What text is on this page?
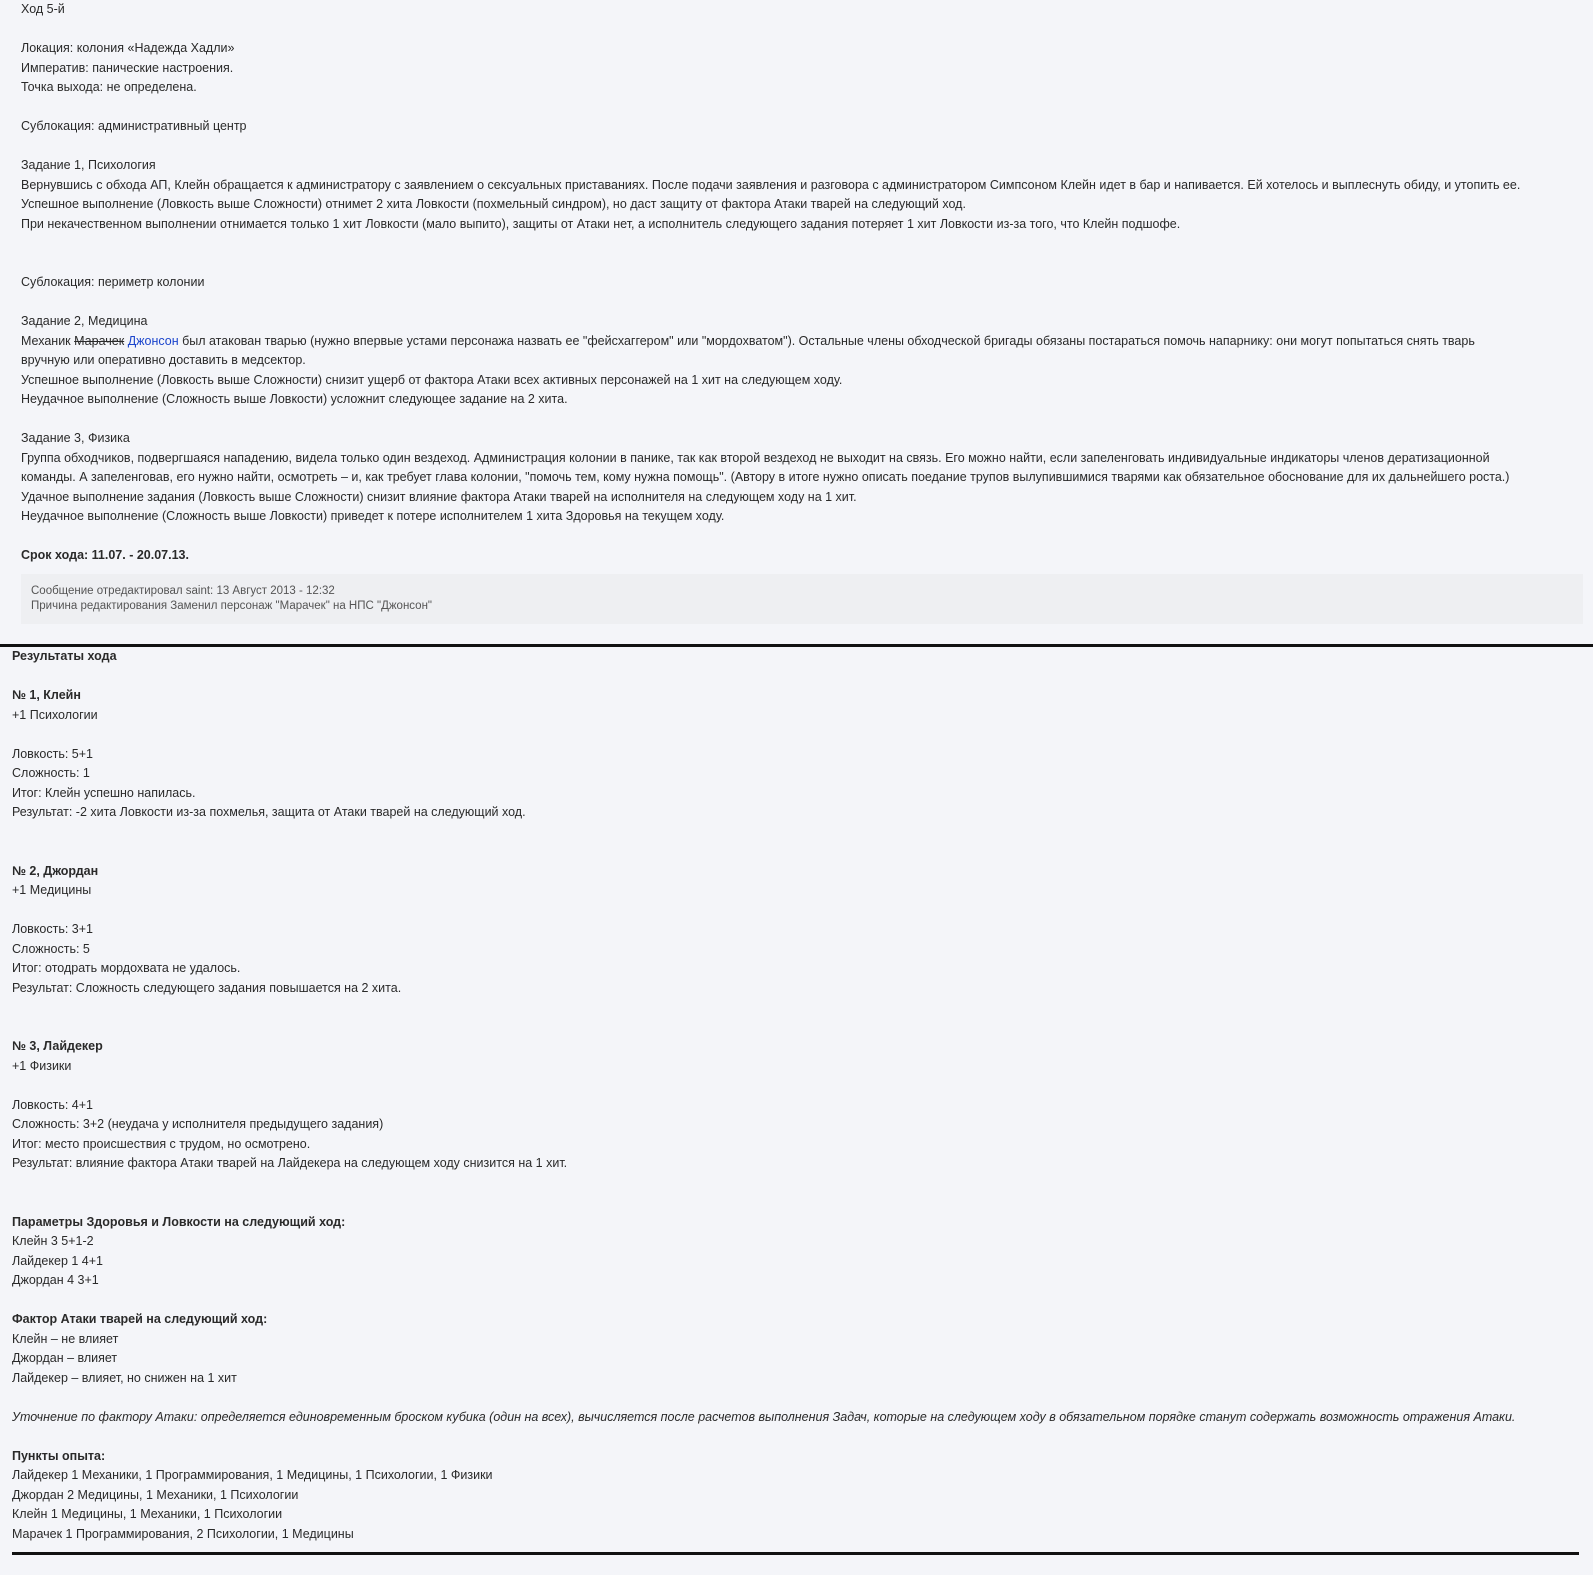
Ход 5-й
Локация: колония «Надежда Хадли»
Императив: панические настроения.
Точка выхода: не определена.
Сублокация: административный центр
Задание 1, Психология
Вернувшись с обхода АП, Клейн обращается к администратору с заявлением о сексуальных приставаниях. После подачи заявления и разговора с администратором Симпсоном Клейн идет в бар и напивается. Ей хотелось и выплеснуть обиду, и утопить ее.
Успешное выполнение (Ловкость выше Сложности) отнимет 2 хита Ловкости (похмельный синдром), но даст защиту от фактора Атаки тварей на следующий ход.
При некачественном выполнении отнимается только 1 хит Ловкости (мало выпито), защиты от Атаки нет, а исполнитель следующего задания потеряет 1 хит Ловкости из-за того, что Клейн подшофе.
Сублокация: периметр колонии
Задание 2, Медицина
Механик Марачек Джонсон был атакован тварью (нужно впервые устами персонажа назвать ее "фейсхаггером" или "мордохватом"). Остальные члены обходческой бригады обязаны постараться помочь напарнику: они могут попытаться снять тварь
вручную или оперативно доставить в медсектор.
Успешное выполнение (Ловкость выше Сложности) снизит ущерб от фактора Атаки всех активных персонажей на 1 хит на следующем ходу.
Неудачное выполнение (Сложность выше Ловкости) усложнит следующее задание на 2 хита.
Задание 3, Физика
Группа обходчиков, подвергшаяся нападению, видела только один вездеход. Администрация колонии в панике, так как второй вездеход не выходит на связь. Его можно найти, если запеленговать индивидуальные индикаторы членов дератизационной
команды. А запеленговав, его нужно найти, осмотреть – и, как требует глава колонии, "помочь тем, кому нужна помощь". (Автору в итоге нужно описать поедание трупов вылупившимися тварями как обязательное обоснование для их дальнейшего роста.)
Удачное выполнение задания (Ловкость выше Сложности) снизит влияние фактора Атаки тварей на исполнителя на следующем ходу на 1 хит.
Неудачное выполнение (Сложность выше Ловкости) приведет к потере исполнителем 1 хита Здоровья на текущем ходу.
Срок хода: 11.07. - 20.07.13.
Сообщение отредактировал saint: 13 Август 2013 - 12:32
Причина редактирования Заменил персонаж "Марачек" на НПС "Джонсон"
Результаты хода
№ 1, Клейн
+1 Психологии
Ловкость: 5+1
Сложность: 1
Итог: Клейн успешно напилась.
Результат: -2 хита Ловкости из-за похмелья, защита от Атаки тварей на следующий ход.
№ 2, Джордан
+1 Медицины
Ловкость: 3+1
Сложность: 5
Итог: отодрать мордохвата не удалось.
Результат: Сложность следующего задания повышается на 2 хита.
№ 3, Лайдекер
+1 Физики
Ловкость: 4+1
Сложность: 3+2 (неудача у исполнителя предыдущего задания)
Итог: место происшествия с трудом, но осмотрено.
Результат: влияние фактора Атаки тварей на Лайдекера на следующем ходу снизится на 1 хит.
Параметры Здоровья и Ловкости на следующий ход:
Клейн 3 5+1-2
Лайдекер 1 4+1
Джордан 4 3+1
Фактор Атаки тварей на следующий ход:
Клейн – не влияет
Джордан – влияет
Лайдекер – влияет, но снижен на 1 хит
Уточнение по фактору Атаки: определяется единовременным броском кубика (один на всех), вычисляется после расчетов выполнения Задач, которые на следующем ходу в обязательном порядке станут содержать возможность отражения Атаки.
Пункты опыта:
Лайдекер 1 Механики, 1 Программирования, 1 Медицины, 1 Психологии, 1 Физики
Джордан 2 Медицины, 1 Механики, 1 Психологии
Клейн 1 Медицины, 1 Механики, 1 Психологии
Марачек 1 Программирования, 2 Психологии, 1 Медицины
